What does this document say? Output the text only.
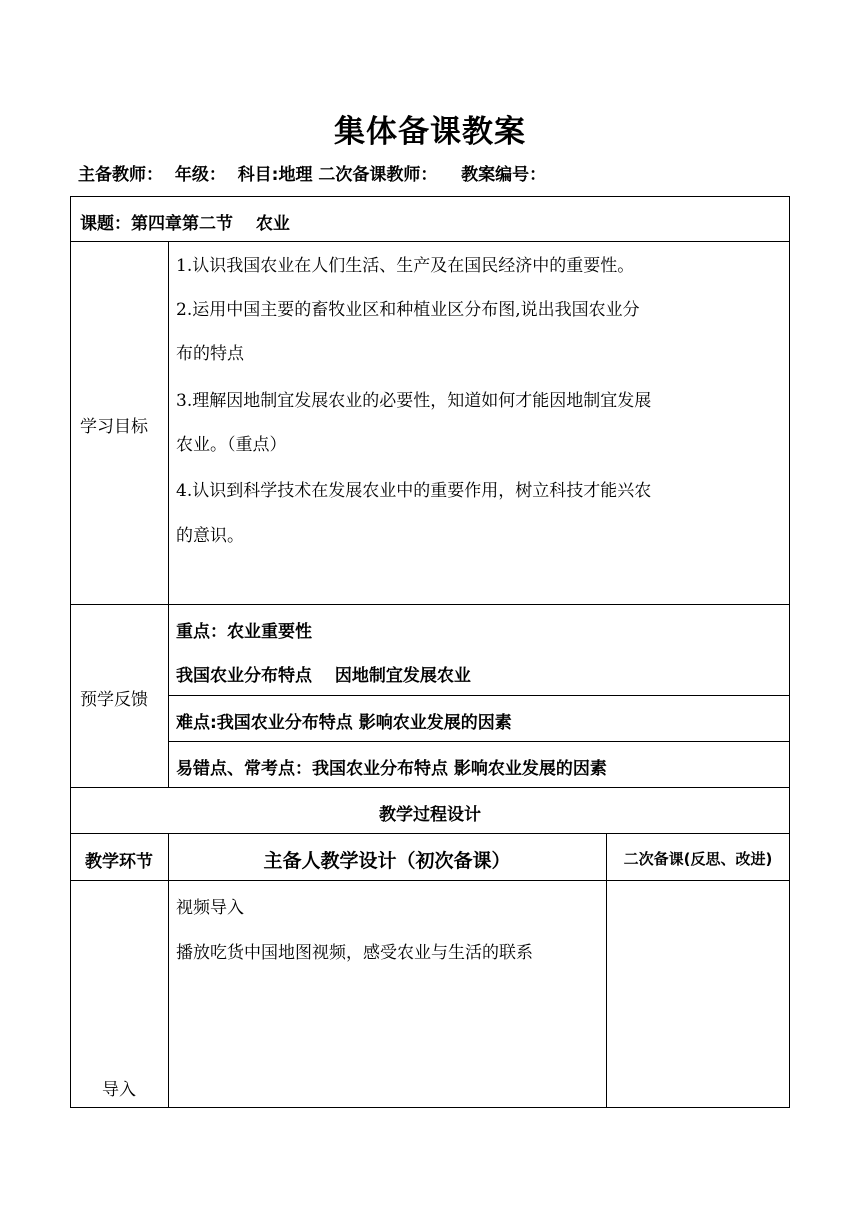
集体备课教案
主备教师： 年级： 科目:地理 二次备课教师： 教案编号：
课题：第四章第二节　 农业
学习目标
1.认识我国农业在人们生活、生产及在国民经济中的重要性。
2.运用中国主要的畜牧业区和种植业区分布图,说出我国农业分
布的特点
3.理解因地制宜发展农业的必要性，知道如何才能因地制宜发展
农业。（重点）
4.认识到科学技术在发展农业中的重要作用，树立科技才能兴农
的意识。
预学反馈
重点：农业重要性
我国农业分布特点　 因地制宜发展农业
难点:我国农业分布特点 影响农业发展的因素
易错点、常考点：我国农业分布特点 影响农业发展的因素
教学过程设计
教学环节	主备人教学设计（初次备课）	二次备课(反思、改进)
导入
视频导入
播放吃货中国地图视频，感受农业与生活的联系
